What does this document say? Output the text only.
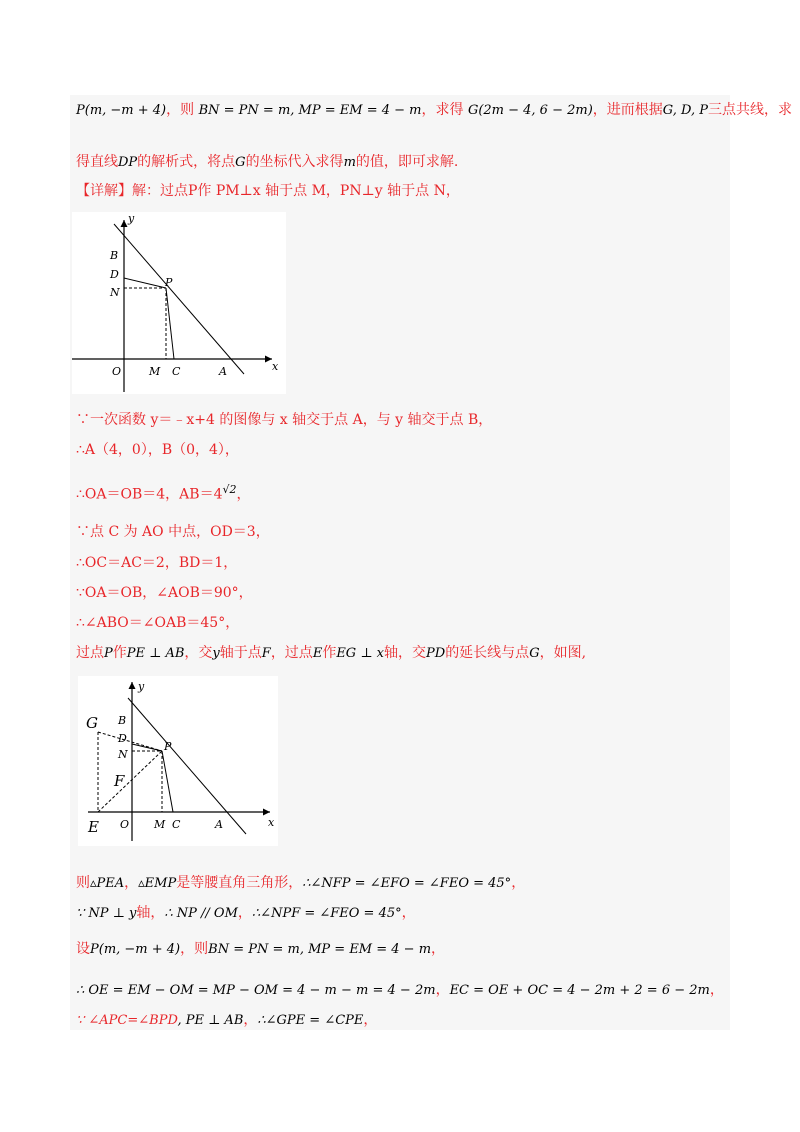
P(m, −m + 4)，则 BN = PN = m, MP = EM = 4 − m，求得 G(2m − 4, 6 − 2m)，进而根据G, D, P三点共线，求
得直线DP的解析式，将点G的坐标代入求得m的值，即可求解.
【详解】解：过点P作 PM⊥x 轴于点 M，PN⊥y 轴于点 N，
y
x
O
B
D
N
P
M C	A
∵一次函数 y＝﹣x+4 的图像与 x 轴交于点 A，与 y 轴交于点 B，
∴A（4，0），B（0，4），
∴OA＝OB＝4，$AB=4^{√2}$，
∵点 C 为 AO 中点，OD＝3，
∴OC＝AC＝2，BD＝1，
∵OA＝OB，∠AOB＝90°，
∴∠ABO＝∠OAB＝45°，
过点P作PE ⊥ AB，交y轴于点F，过点E作EG ⊥ x轴，交PD的延长线与点G，如图,
y
x
O
B
D
N
P
M C	A
G
F
E
则▵PEA，▵EMP是等腰直角三角形，∴∠NFP = ∠EFO = ∠FEO = 45°，
∵ NP ⊥ y轴，∴ NP // OM，∴∠NPF = ∠FEO = 45°，
设P(m, −m + 4)，则BN = PN = m, MP = EM = 4 − m，
∴ OE = EM − OM = MP − OM = 4 − m − m = 4 − 2m，EC = OE + OC = 4 − 2m + 2 = 6 − 2m，
∵ ∠APC=∠BPD, PE ⊥ AB，∴∠GPE = ∠CPE，
